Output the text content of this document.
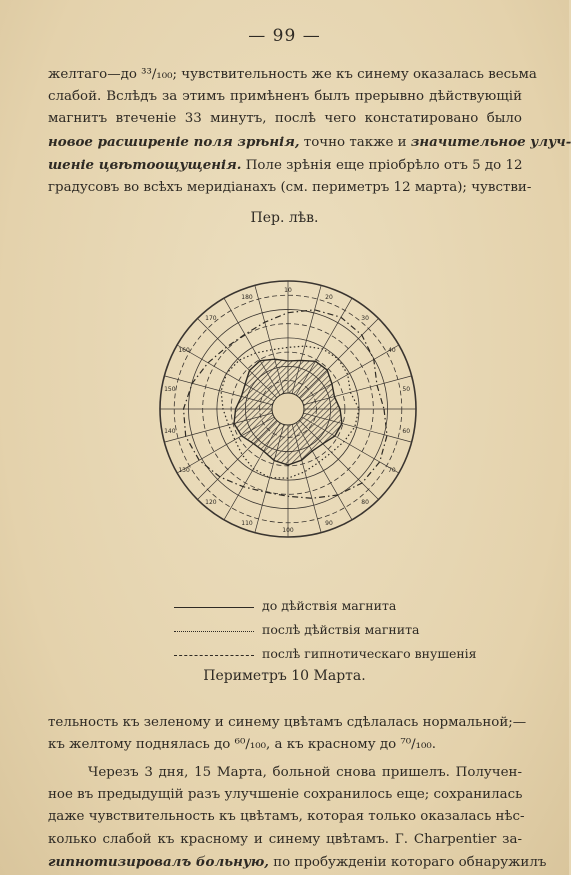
— 99 —
желтаго—до ³³/₁₀₀; чувствительность же къ синему оказалась весьма
слабой. Вслѣдъ за этимъ примѣненъ былъ прерывно дѣйствующій
магнитъ втеченіе 33 минутъ, послѣ чего констатировано было
новое расширеніе поля зрѣнія, точно также и значительное улуч-
шеніе цвѣтоощущенія. Поле зрѣнія еще пріобрѣло отъ 5 до 12
градусовъ во всѣхъ меридіанахъ (см. периметръ 12 марта); чувстви-
Пер. лѣв.
10
20
30
40
50
60
70
80
90
100
110
120
130
140
150
160
170
180
до дѣйствія магнита
послѣ дѣйствія магнита
послѣ гипнотическаго внушенія
Периметръ 10 Марта.
тельность къ зеленому и синему цвѣтамъ сдѣлалась нормальной;—
къ желтому поднялась до ⁶⁰/₁₀₀, а къ красному до ⁷⁰/₁₀₀.
Черезъ 3 дня, 15 Марта, больной снова пришелъ. Получен-
ное въ предыдущій разъ улучшеніе сохранилось еще; сохранилась
даже чувствительность къ цвѣтамъ, которая только оказалась нѣс-
колько слабой къ красному и синему цвѣтамъ. Г. Charpentier за-
гипнотизировалъ больную, по пробужденіи котораго обнаружилъ
